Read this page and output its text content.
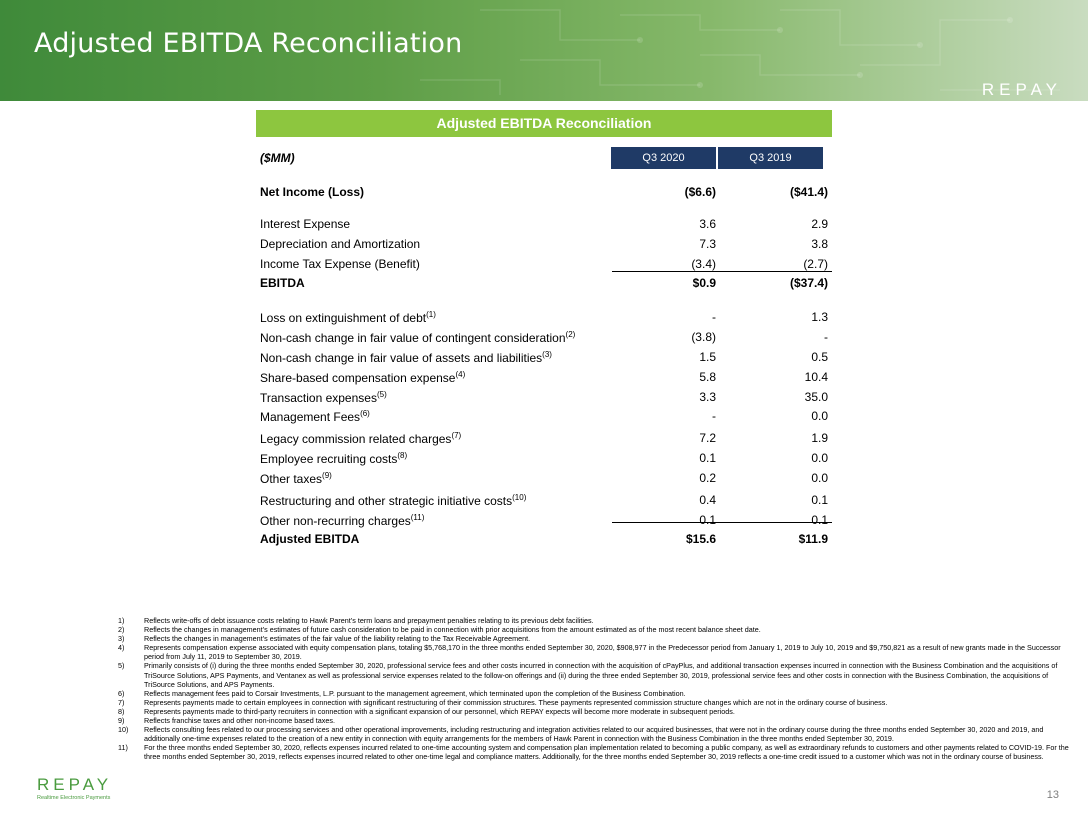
Adjusted EBITDA Reconciliation
REPAY
Adjusted EBITDA Reconciliation
($MM)	Q3 2020	Q3 2019
Net Income (Loss)	($6.6)	($41.4)
Interest Expense	3.6	2.9
Depreciation and Amortization	7.3	3.8
Income Tax Expense (Benefit)	(3.4)	(2.7)
EBITDA	$0.9	($37.4)
Loss on extinguishment of debt$^{(1)}$	-	1.3
Non-cash change in fair value of contingent consideration$^{(2)}$	(3.8)	-
Non-cash change in fair value of assets and liabilities$^{(3)}$	1.5	0.5
Share-based compensation expense$^{(4)}$	5.8	10.4
Transaction expenses$^{(5)}$	3.3	35.0
Management Fees$^{(6)}$	-	0.0
Legacy commission related charges$^{(7)}$	7.2	1.9
Employee recruiting costs$^{(8)}$	0.1	0.0
Other taxes$^{(9)}$	0.2	0.0
Restructuring and other strategic initiative costs$^{(10)}$	0.4	0.1
Other non-recurring charges$^{(11)}$	0.1	0.1
Adjusted EBITDA	$15.6	$11.9
1)	Reflects write-offs of debt issuance costs relating to Hawk Parent’s term loans and prepayment penalties relating to its previous debt facilities.
2)	Reflects the changes in management’s estimates of future cash consideration to be paid in connection with prior acquisitions from the amount estimated as of the most recent balance sheet date.
3)	Reflects the changes in management’s estimates of the fair value of the liability relating to the Tax Receivable Agreement.
4)	Represents compensation expense associated with equity compensation plans, totaling $5,768,170 in the three months ended September 30, 2020, $908,977 in the Predecessor period from January 1, 2019 to July 10, 2019 and $9,750,821 as a result of new grants made in the Successor period from July 11, 2019 to September 30, 2019.
5)	Primarily consists of (i) during the three months ended September 30, 2020, professional service fees and other costs incurred in connection with the acquisition of cPayPlus, and additional transaction expenses incurred in connection with the Business Combination and the acquisitions of TriSource Solutions, APS Payments, and Ventanex as well as professional service expenses related to the follow-on offerings and (ii) during the three ended September 30, 2019, professional service fees and other costs in connection with the Business Combination, the acquisitions of TriSource Solutions, and APS Payments.
6)	Reflects management fees paid to Corsair Investments, L.P. pursuant to the management agreement, which terminated upon the completion of the Business Combination.
7)	Represents payments made to certain employees in connection with significant restructuring of their commission structures. These payments represented commission structure changes which are not in the ordinary course of business.
8)	Represents payments made to third-party recruiters in connection with a significant expansion of our personnel, which REPAY expects will become more moderate in subsequent periods.
9)	Reflects franchise taxes and other non-income based taxes.
10) Reflects consulting fees related to our processing services and other operational improvements, including restructuring and integration activities related to our acquired businesses, that were not in the ordinary course during the three months ended September 30, 2020 and 2019, and additionally one-time expenses related to the creation of a new entity in connection with equity arrangements for the members of Hawk Parent in connection with the Business Combination in the three months ended September 30, 2019.
11) For the three months ended September 30, 2020, reflects expenses incurred related to one-time accounting system and compensation plan implementation related to becoming a public company, as well as extraordinary refunds to customers and other payments related to COVID-19. For the three months ended September 30, 2019, reflects expenses incurred related to other one-time legal and compliance matters. Additionally, for the three months ended September 30, 2019 reflects a one-time credit issued to a customer which was not in the ordinary course of business.
REPAY
Realtime Electronic Payments	13
